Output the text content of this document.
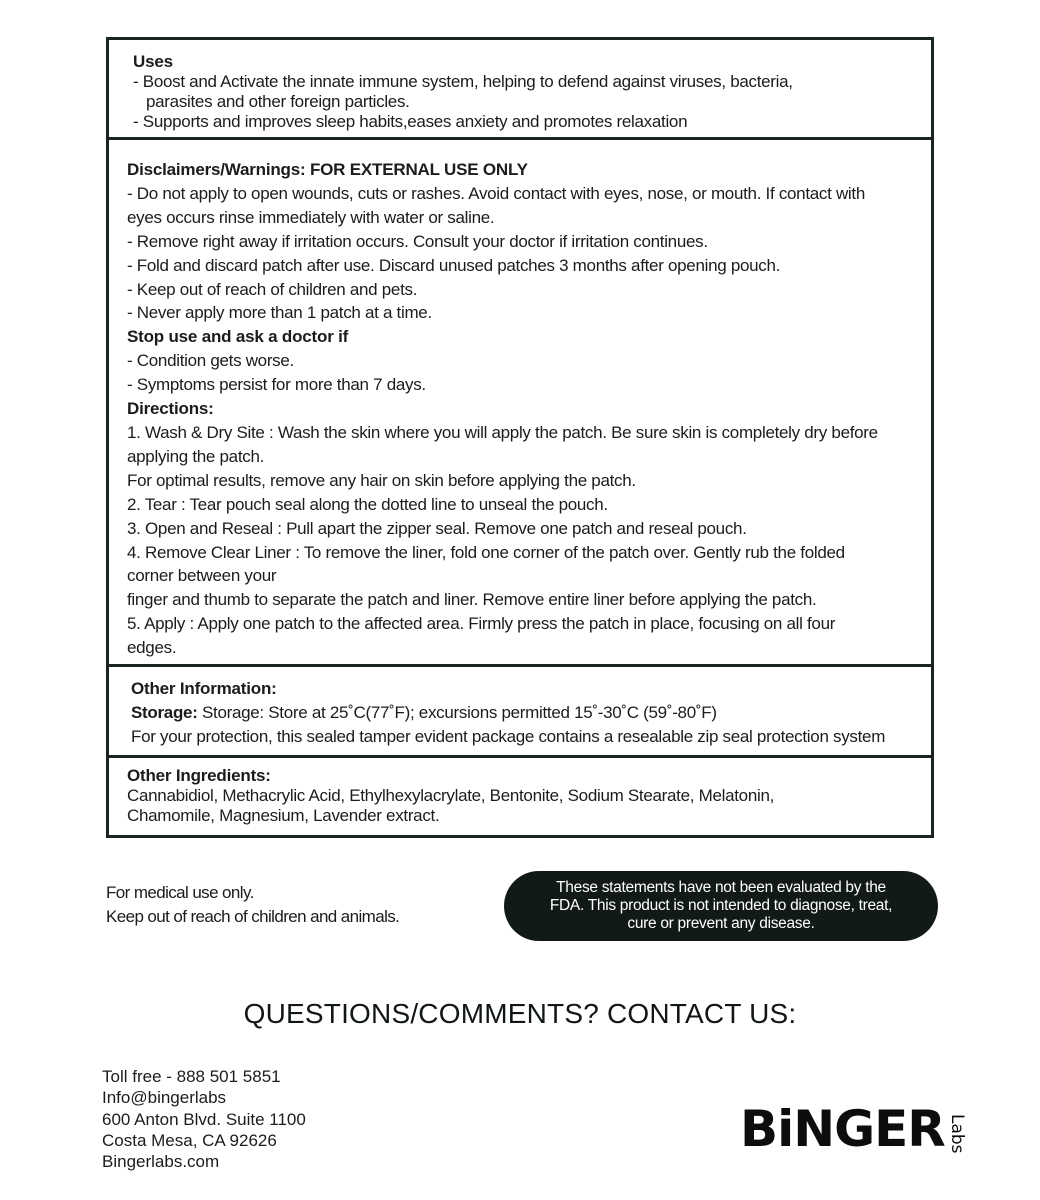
Uses
- Boost and Activate the innate immune system, helping to defend against viruses, bacteria,
parasites and other foreign particles.
- Supports and improves sleep habits,eases anxiety and promotes relaxation
Disclaimers/Warnings: FOR EXTERNAL USE ONLY
- Do not apply to open wounds, cuts or rashes. Avoid contact with eyes, nose, or mouth. If contact with
eyes occurs rinse immediately with water or saline.
- Remove right away if irritation occurs. Consult your doctor if irritation continues.
- Fold and discard patch after use. Discard unused patches 3 months after opening pouch.
- Keep out of reach of children and pets.
- Never apply more than 1 patch at a time.
Stop use and ask a doctor if
- Condition gets worse.
- Symptoms persist for more than 7 days.
Directions:
1. Wash & Dry Site : Wash the skin where you will apply the patch. Be sure skin is completely dry before
applying the patch.
For optimal results, remove any hair on skin before applying the patch.
2. Tear : Tear pouch seal along the dotted line to unseal the pouch.
3. Open and Reseal : Pull apart the zipper seal. Remove one patch and reseal pouch.
4. Remove Clear Liner : To remove the liner, fold one corner of the patch over. Gently rub the folded
corner between your
finger and thumb to separate the patch and liner. Remove entire liner before applying the patch.
5. Apply : Apply one patch to the affected area. Firmly press the patch in place, focusing on all four
edges.
Other Information:
Storage: Storage: Store at 25˚C(77˚F); excursions permitted 15˚-30˚C (59˚-80˚F)
For your protection, this sealed tamper evident package contains a resealable zip seal protection system
Other Ingredients:
Cannabidiol, Methacrylic Acid, Ethylhexylacrylate, Bentonite, Sodium Stearate, Melatonin,
Chamomile, Magnesium, Lavender extract.
For medical use only.
Keep out of reach of children and animals.
These statements have not been evaluated by the
FDA. This product is not intended to diagnose, treat,
cure or prevent any disease.
QUESTIONS/COMMENTS? CONTACT US:
Toll free - 888 501 5851
Info@bingerlabs
600 Anton Blvd. Suite 1100
Costa Mesa, CA 92626
Bingerlabs.com
BiNGER Labs
